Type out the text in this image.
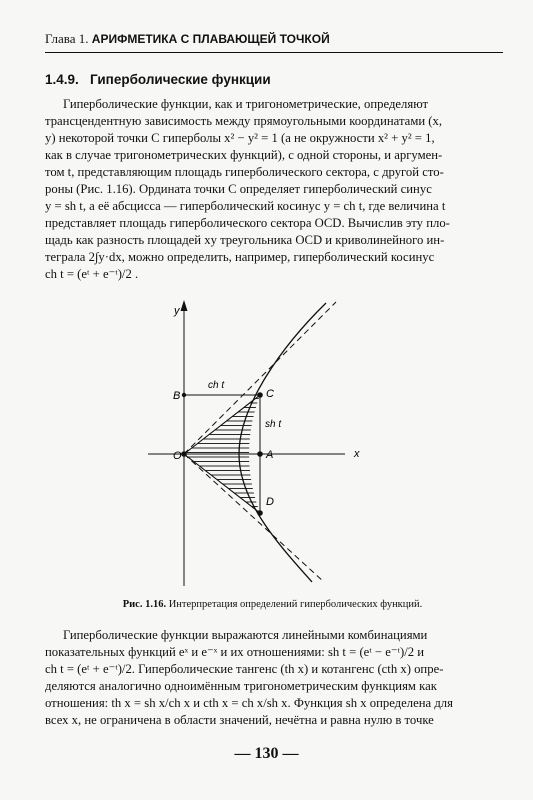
Глава 1. АРИФМЕТИКА С ПЛАВАЮЩЕЙ ТОЧКОЙ
1.4.9. Гиперболические функции
Гиперболические функции, как и тригонометрические, определяют
трансцендентную зависимость между прямоугольными координатами (x,
y) некоторой точки C гиперболы x² − y² = 1 (а не окружности x² + y² = 1,
как в случае тригонометрических функций), с одной стороны, и аргумен-
том t, представляющим площадь гиперболического сектора, с другой сто-
роны (Рис. 1.16). Ордината точки C определяет гиперболический синус
y = sh t, а её абсцисса — гиперболический косинус y = ch t, где величина t
представляет площадь гиперболического сектора OCD. Вычислив эту пло-
щадь как разность площадей xy треугольника OCD и криволинейного ин-
теграла 2∫y·dx, можно определить, например, гиперболический косинус
ch t = (eᵗ + e⁻ᵗ)/2 .
y
x
O	A
B	C
D
ch t
sh t
Рис. 1.16. Интерпретация определений гиперболических функций.
Гиперболические функции выражаются линейными комбинациями
показательных функций eˣ и e⁻ˣ и их отношениями: sh t = (eᵗ − e⁻ᵗ)/2 и
ch t = (eᵗ + e⁻ᵗ)/2. Гиперболические тангенс (th x) и котангенс (cth x) опре-
деляются аналогично одноимённым тригонометрическим функциям как
отношения: th x = sh x/ch x и cth x = ch x/sh x. Функция sh x определена для
всех x, не ограничена в области значений, нечётна и равна нулю в точке
— 130 —
